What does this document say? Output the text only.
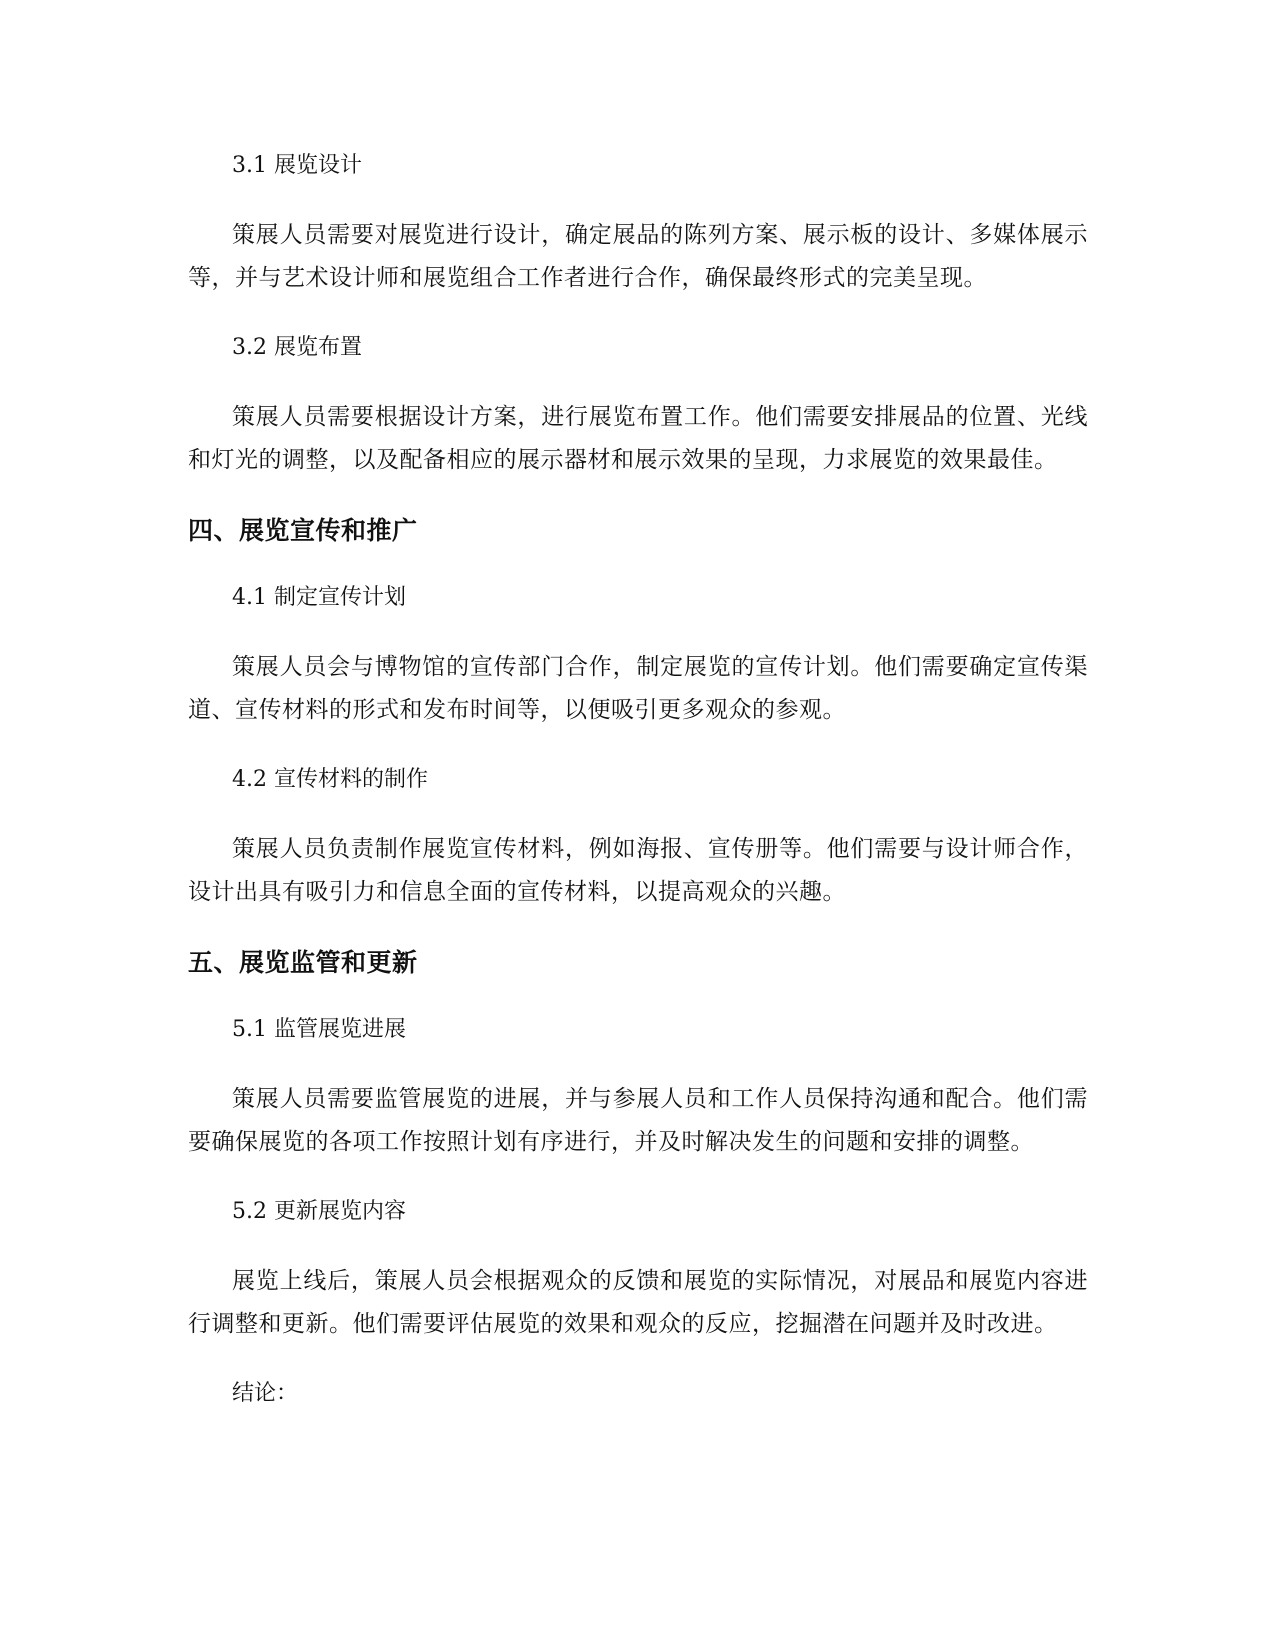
3.1 展览设计

策展人员需要对展览进行设计，确定展品的陈列方案、展示板的设计、多媒体展示等，并与艺术设计师和展览组合工作者进行合作，确保最终形式的完美呈现。

3.2 展览布置

策展人员需要根据设计方案，进行展览布置工作。他们需要安排展品的位置、光线和灯光的调整，以及配备相应的展示器材和展示效果的呈现，力求展览的效果最佳。

四、展览宣传和推广

4.1 制定宣传计划

策展人员会与博物馆的宣传部门合作，制定展览的宣传计划。他们需要确定宣传渠道、宣传材料的形式和发布时间等，以便吸引更多观众的参观。

4.2 宣传材料的制作

策展人员负责制作展览宣传材料，例如海报、宣传册等。他们需要与设计师合作，设计出具有吸引力和信息全面的宣传材料，以提高观众的兴趣。

五、展览监管和更新

5.1 监管展览进展

策展人员需要监管展览的进展，并与参展人员和工作人员保持沟通和配合。他们需要确保展览的各项工作按照计划有序进行，并及时解决发生的问题和安排的调整。

5.2 更新展览内容

展览上线后，策展人员会根据观众的反馈和展览的实际情况，对展品和展览内容进行调整和更新。他们需要评估展览的效果和观众的反应，挖掘潜在问题并及时改进。

结论：
